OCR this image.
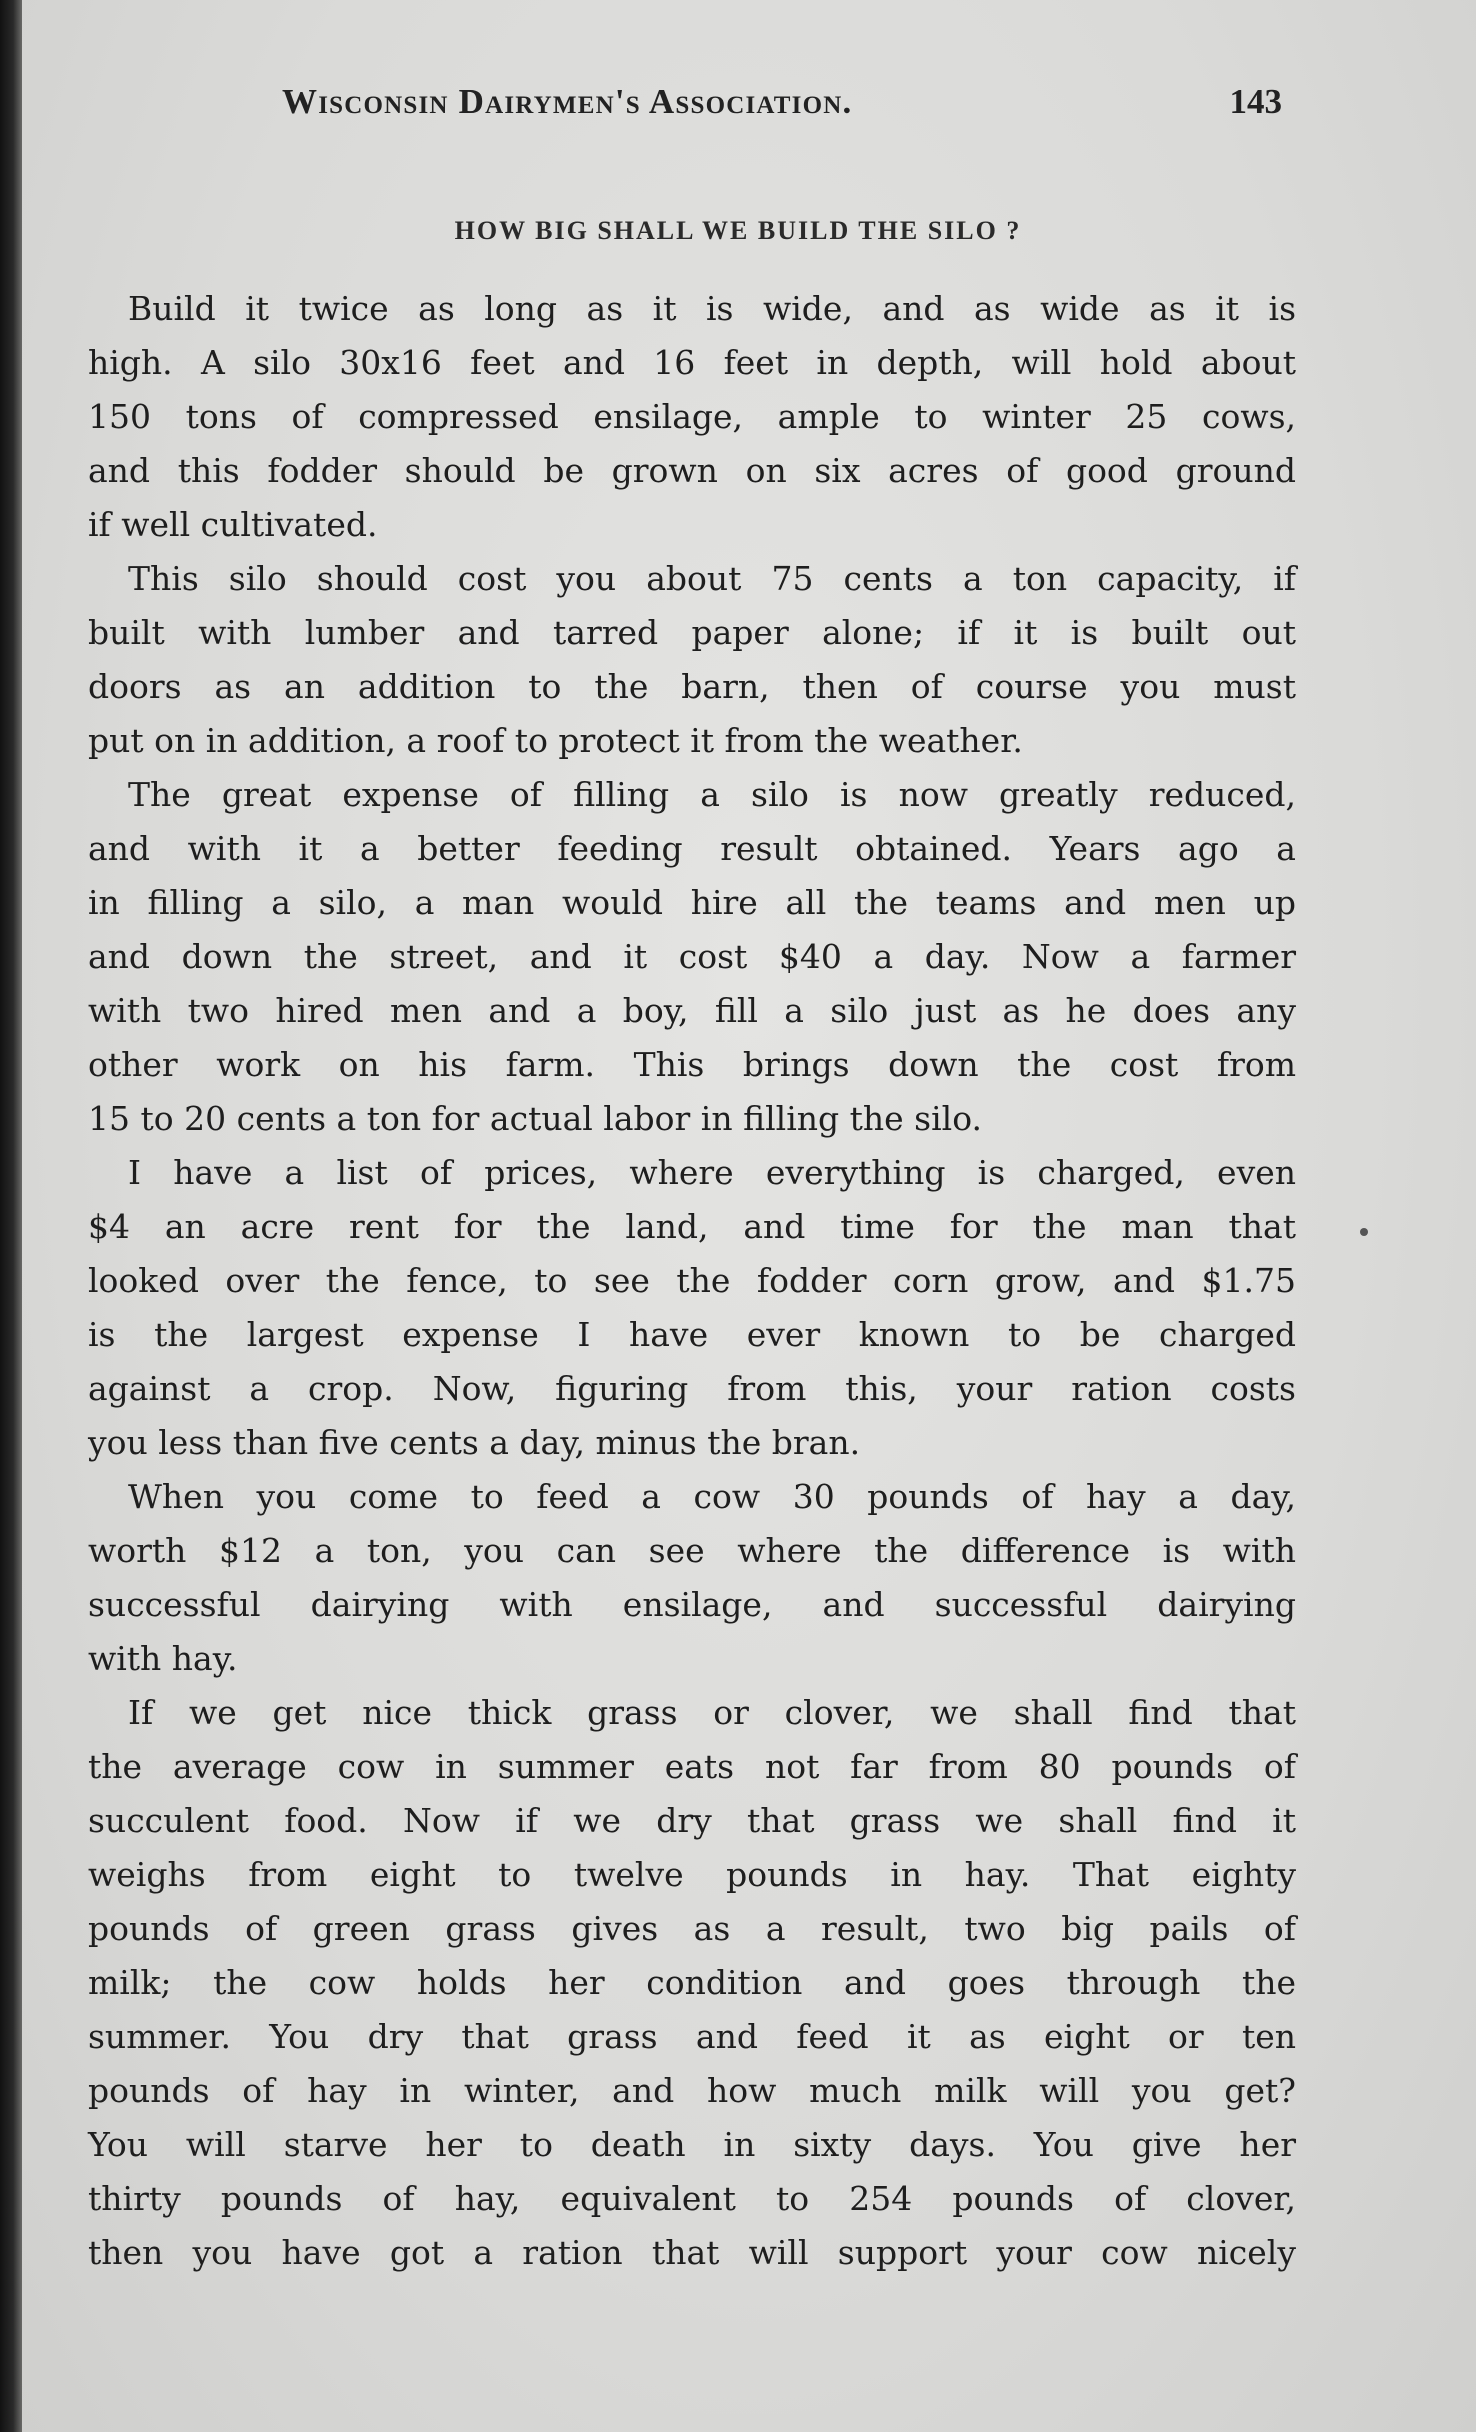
Wisconsin Dairymen's Association.	143
HOW BIG SHALL WE BUILD THE SILO ?
Build it twice as long as it is wide, and as wide as it is
high. A silo 30x16 feet and 16 feet in depth, will hold about
150 tons of compressed ensilage, ample to winter 25 cows,
and this fodder should be grown on six acres of good ground
if well cultivated.
This silo should cost you about 75 cents a ton capacity, if
built with lumber and tarred paper alone; if it is built out
doors as an addition to the barn, then of course you must
put on in addition, a roof to protect it from the weather.
The great expense of filling a silo is now greatly reduced,
and with it a better feeding result obtained. Years ago a
in filling a silo, a man would hire all the teams and men up
and down the street, and it cost $40 a day. Now a farmer
with two hired men and a boy, fill a silo just as he does any
other work on his farm. This brings down the cost from
15 to 20 cents a ton for actual labor in filling the silo.
I have a list of prices, where everything is charged, even
$4 an acre rent for the land, and time for the man that
looked over the fence, to see the fodder corn grow, and $1.75
is the largest expense I have ever known to be charged
against a crop. Now, figuring from this, your ration costs
you less than five cents a day, minus the bran.
When you come to feed a cow 30 pounds of hay a day,
worth $12 a ton, you can see where the difference is with
successful dairying with ensilage, and successful dairying
with hay.
If we get nice thick grass or clover, we shall find that
the average cow in summer eats not far from 80 pounds of
succulent food. Now if we dry that grass we shall find it
weighs from eight to twelve pounds in hay. That eighty
pounds of green grass gives as a result, two big pails of
milk; the cow holds her condition and goes through the
summer. You dry that grass and feed it as eight or ten
pounds of hay in winter, and how much milk will you get?
You will starve her to death in sixty days. You give her
thirty pounds of hay, equivalent to 254 pounds of clover,
then you have got a ration that will support your cow nicely
